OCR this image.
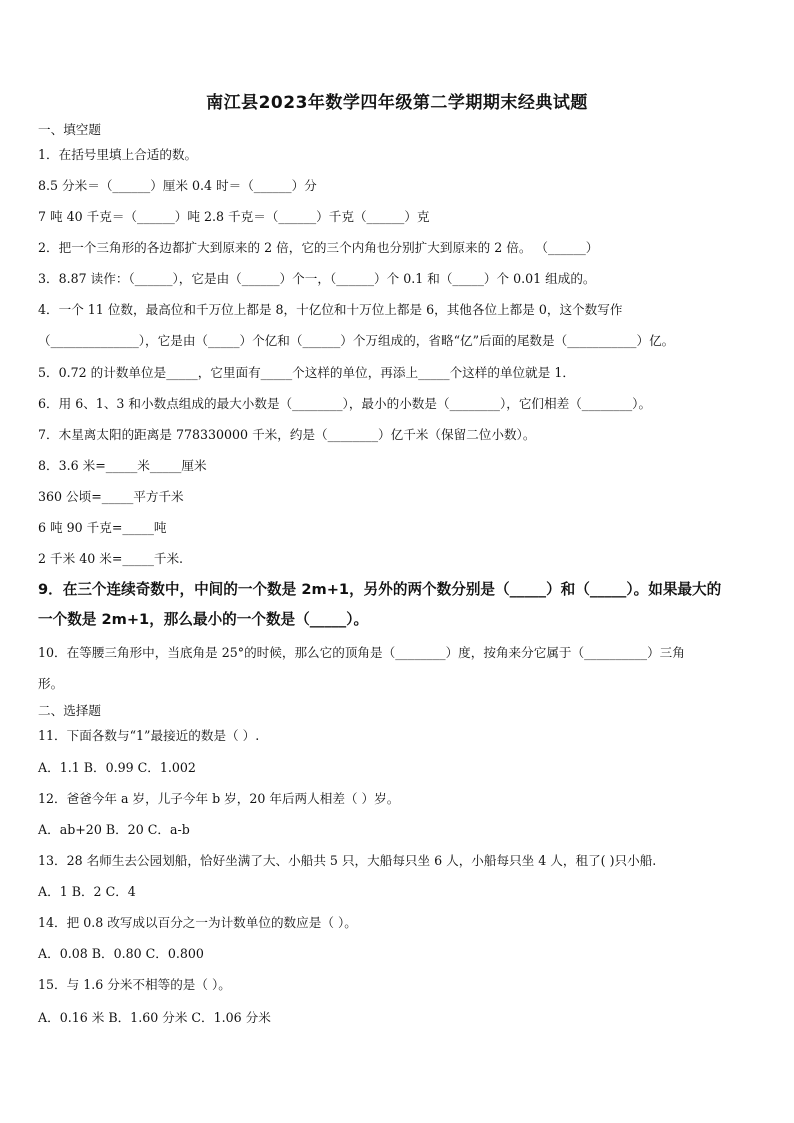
南江县2023年数学四年级第二学期期末经典试题
一、填空题
1．在括号里填上合适的数。
8.5 分米＝（______）厘米 0.4 时＝（______）分
7 吨 40 千克＝（______）吨 2.8 千克＝（______）千克（______）克
2．把一个三角形的各边都扩大到原来的 2 倍，它的三个内角也分别扩大到原来的 2 倍。 （______）
3．8.87 读作：（______），它是由（______）个一，（______）个 0.1 和（_____）个 0.01 组成的。
4．一个 11 位数，最高位和千万位上都是 8，十亿位和十万位上都是 6，其他各位上都是 0，这个数写作
（______________），它是由（_____）个亿和（______）个万组成的，省略“亿”后面的尾数是（___________）亿。
5．0.72 的计数单位是_____，它里面有_____个这样的单位，再添上_____个这样的单位就是 1．
6．用 6、1、3 和小数点组成的最大小数是（________），最小的小数是（________），它们相差（________）。
7．木星离太阳的距离是 778330000 千米，约是（________）亿千米（保留二位小数）。
8．3.6 米=_____米_____厘米
360 公顷=_____平方千米
6 吨 90 千克=_____吨
2 千米 40 米=_____千米.
9．在三个连续奇数中，中间的一个数是 2m+1，另外的两个数分别是（_____）和（_____）。如果最大的
一个数是 2m+1，那么最小的一个数是（_____）。
10．在等腰三角形中，当底角是 25°的时候，那么它的顶角是（________）度，按角来分它属于（__________）三角
形。
二、选择题
11．下面各数与“1”最接近的数是（ ）.
A．1.1 B．0.99 C．1.002
12．爸爸今年 a 岁，儿子今年 b 岁，20 年后两人相差（ ）岁。
A．ab+20 B．20 C．a-b
13．28 名师生去公园划船，恰好坐满了大、小船共 5 只，大船每只坐 6 人，小船每只坐 4 人，租了( )只小船.
A．1 B．2 C．4
14．把 0.8 改写成以百分之一为计数单位的数应是（ ）。
A．0.08 B．0.80 C．0.800
15．与 1.6 分米不相等的是（ ）。
A．0.16 米 B．1.60 分米 C．1.06 分米
